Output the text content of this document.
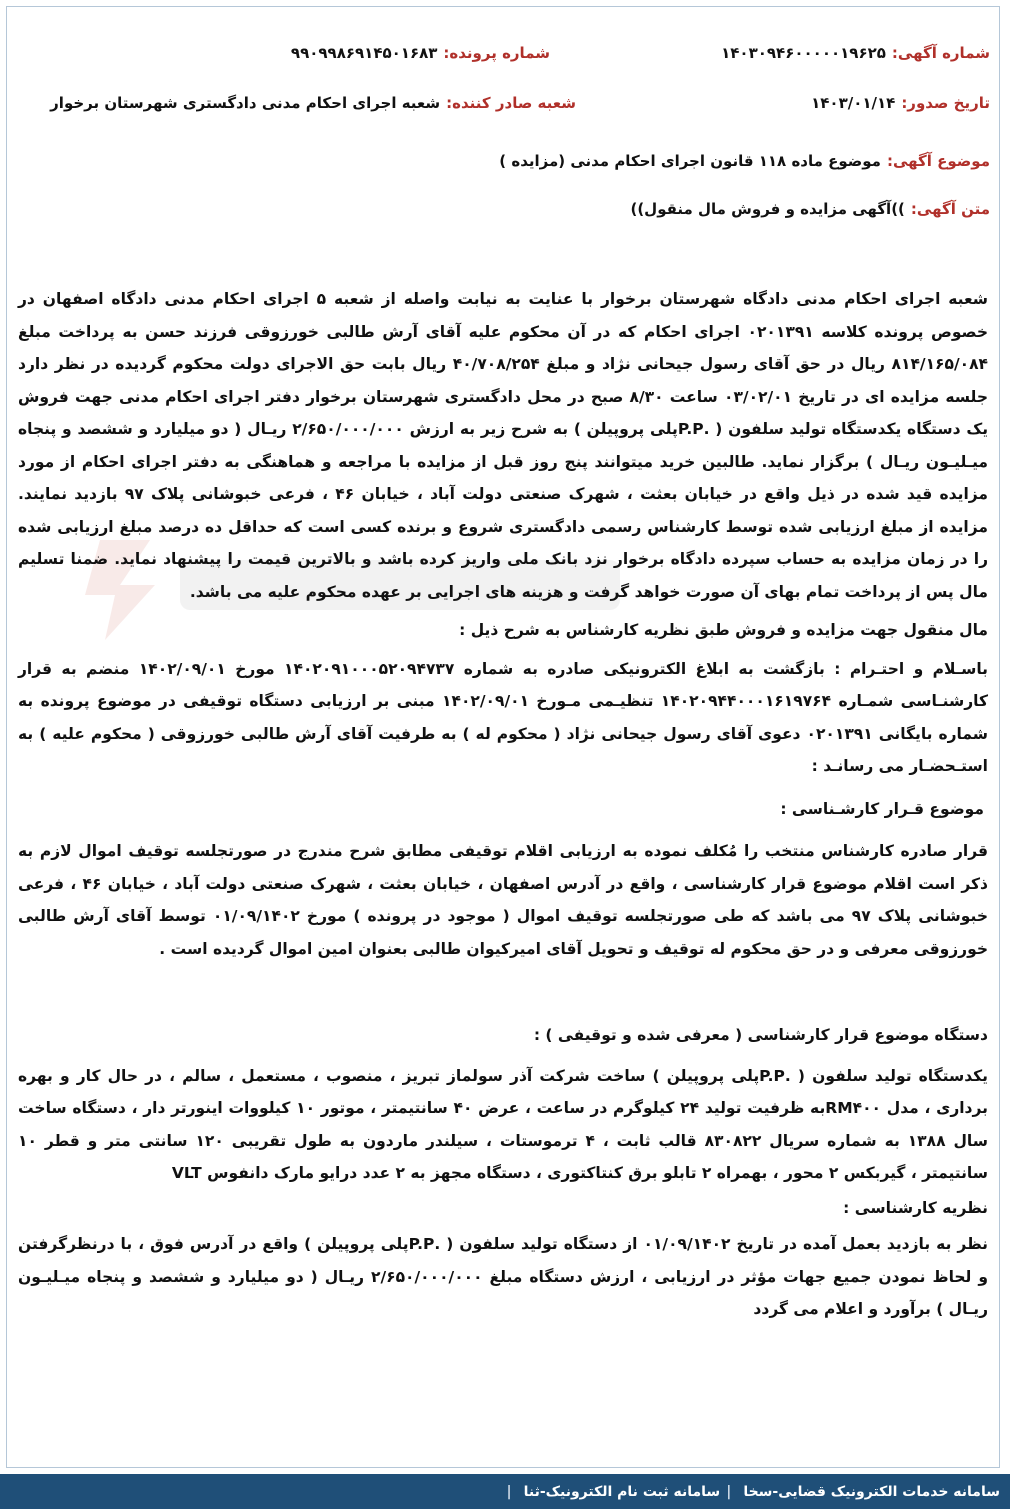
شماره آگهی:۱۴۰۳۰۹۴۶۰۰۰۰۰۱۹۶۲۵
شماره پرونده:۹۹۰۹۹۸۶۹۱۴۵۰۱۶۸۳
تاریخ صدور:۱۴۰۳/۰۱/۱۴
شعبه صادر کننده:شعبه اجرای احکام مدنی دادگستری شهرستان برخوار
موضوع آگهی:موضوع ماده ۱۱۸ قانون اجرای احکام مدنی (مزایده )
متن آگهی:))آگهی مزایده و فروش مال منقول))

شعبه اجرای احکام مدنی دادگاه شهرستان برخوار با عنایت به نیابت واصله از شعبه ۵ اجرای احکام مدنی دادگاه اصفهان در خصوص پرونده کلاسه ۰۲۰۱۳۹۱ اجرای احکام که در آن محکوم علیه آقای آرش طالبی خورزوقی فرزند حسن به پرداخت مبلغ ۸۱۴/۱۶۵/۰۸۴ ریال در حق آقای رسول جیحانی نژاد و مبلغ ۴۰/۷۰۸/۲۵۴ ریال بابت حق الاجرای دولت محکوم گردیده در نظر دارد جلسه مزایده ای در تاریخ ۰۳/۰۲/۰۱ ساعت ۸/۳۰ صبح در محل دادگستری شهرستان برخوار دفتر اجرای احکام مدنی جهت فروش یک دستگاه یکدستگاه تولید سلفون ( .P.Pپلی پروپیلن ) به شرح زیر به ارزش ۲/۶۵۰/۰۰۰/۰۰۰ ریـال ( دو میلیارد و ششصد و پنجاه میـلیـون ریـال ) برگزار نماید. طالبین خرید میتوانند پنج روز قبل از مزایده با مراجعه و هماهنگی به دفتر اجرای احکام از مورد مزایده قید شده در ذیل واقع در خیابان بعثت ، شهرک صنعتی دولت آباد ، خیابان ۴۶ ، فرعی خبوشانی پلاک ۹۷ بازدید نمایند. مزایده از مبلغ ارزیابی شده توسط کارشناس رسمی دادگستری شروع و برنده کسی است که حداقل ده درصد مبلغ ارزیابی شده را در زمان مزایده به حساب سپرده دادگاه برخوار نزد بانک ملی واریز کرده باشد و بالاترین قیمت را پیشنهاد نماید. ضمنا تسلیم مال پس از پرداخت تمام بهای آن صورت خواهد گرفت و هزینه های اجرایی بر عهده محکوم علیه می باشد.

مال منقول جهت مزایده و فروش طبق نظریه کارشناس به شرح ذیل :

باسـلام و احتـرام : بازگشت به ابلاغ الکترونیکی صادره به شماره ۱۴۰۲۰۹۱۰۰۰۵۲۰۹۴۷۳۷ مورخ ۱۴۰۲/۰۹/۰۱ منضم به قرار کارشنـاسی شمـاره ۱۴۰۲۰۹۴۴۰۰۰۱۶۱۹۷۶۴ تنظیـمی مـورخ ۱۴۰۲/۰۹/۰۱ مبنی بر ارزیابی دستگاه توقیفی در موضوع پرونده به شماره بایگانی ۰۲۰۱۳۹۱ دعوی آقای رسول جیحانی نژاد ( محکوم له ) به طرفیت آقای آرش طالبی خورزوقی ( محکوم علیه ) به استـحضـار می رسانـد :

موضوع قـرار کارشـناسی :

قرار صادره کارشناس منتخب را مُکلف نموده به ارزیابی اقلام توقیفی مطابق شرح مندرج در صورتجلسه توقیف اموال لازم به ذکر است اقلام موضوع قرار کارشناسی ، واقع در آدرس اصفهان ، خیابان بعثت ، شهرک صنعتی دولت آباد ، خیابان ۴۶ ، فرعی خبوشانی پلاک ۹۷ می باشد که طی صورتجلسه توقیف اموال ( موجود در پرونده ) مورخ ۰۱/۰۹/۱۴۰۲ توسط آقای آرش طالبی خورزوقی معرفی و در حق محکوم له توقیف و تحویل آقای امیرکیوان طالبی بعنوان امین اموال گردیده است .

دستگاه موضوع قرار کارشناسی ( معرفی شده و توقیفی ) :

یکدستگاه تولید سلفون ( .P.Pپلی پروپیلن ) ساخت شرکت آذر سولماز تبریز ، منصوب ، مستعمل ، سالم ، در حال کار و بهره برداری ، مدل RM۴۰۰به ظرفیت تولید ۲۴ کیلوگرم در ساعت ، عرض ۴۰ سانتیمتر ، موتور ۱۰ کیلووات اینورتر دار ، دستگاه ساخت سال ۱۳۸۸ به شماره سریال ۸۳۰۸۲۲ قالب ثابت ، ۴ ترموستات ، سیلندر ماردون به طول تقریبی ۱۲۰ سانتی متر و قطر ۱۰ سانتیمتر ، گیربکس ۲ محور ، بهمراه ۲ تابلو برق کنتاکتوری ، دستگاه مجهز به ۲ عدد درایو مارک دانفوس VLT

نظریه کارشناسی :

نظر به بازدید بعمل آمده در تاریخ ۰۱/۰۹/۱۴۰۲ از دستگاه تولید سلفون ( .P.Pپلی پروپیلن ) واقع در آدرس فوق ، با درنظرگرفتن و لحاظ نمودن جمیع جهات مؤثر در ارزیابی ، ارزش دستگاه مبلغ ۲/۶۵۰/۰۰۰/۰۰۰ ریـال ( دو میلیارد و ششصد و پنجاه میـلیـون ریـال ) برآورد و اعلام می گردد

سامانه خدمات الکترونیک قضایی-سخا
|
سامانه ثبت نام الکترونیک-ثنا
|
